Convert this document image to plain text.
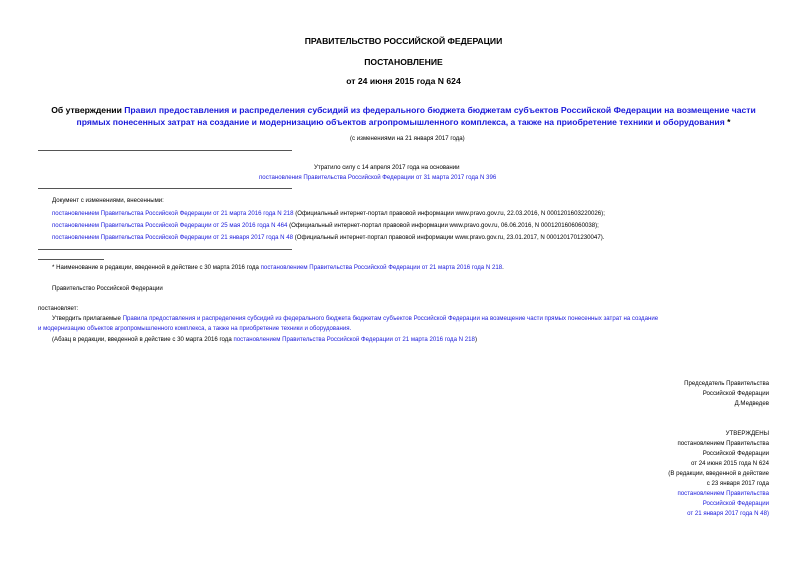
ПРАВИТЕЛЬСТВО РОССИЙСКОЙ ФЕДЕРАЦИИ
ПОСТАНОВЛЕНИЕ
от 24 июня 2015 года N 624
Об утверждении Правил предоставления и распределения субсидий из федерального бюджета бюджетам субъектов Российской Федерации на возмещение части
прямых понесенных затрат на создание и модернизацию объектов агропромышленного комплекса, а также на приобретение техники и оборудования *
(с изменениями на 21 января 2017 года)
Утратило силу с 14 апреля 2017 года на основании
постановления Правительства Российской Федерации от 31 марта 2017 года N 396
Документ с изменениями, внесенными:
постановлением Правительства Российской Федерации от 21 марта 2016 года N 218 (Официальный интернет-портал правовой информации www.pravo.gov.ru, 22.03.2016, N 0001201603220026);
постановлением Правительства Российской Федерации от 25 мая 2016 года N 464 (Официальный интернет-портал правовой информации www.pravo.gov.ru, 06.06.2016, N 0001201606060038);
постановлением Правительства Российской Федерации от 21 января 2017 года N 48 (Официальный интернет-портал правовой информации www.pravo.gov.ru, 23.01.2017, N 0001201701230047).
* Наименование в редакции, введенной в действие с 30 марта 2016 года постановлением Правительства Российской Федерации от 21 марта 2016 года N 218.
Правительство Российской Федерации
постановляет:
Утвердить прилагаемые Правила предоставления и распределения субсидий из федерального бюджета бюджетам субъектов Российской Федерации на возмещение части прямых понесенных затрат на создание
и модернизацию объектов агропромышленного комплекса, а также на приобретение техники и оборудования.
(Абзац в редакции, введенной в действие с 30 марта 2016 года постановлением Правительства Российской Федерации от 21 марта 2016 года N 218)
Председатель Правительства
Российской Федерации
Д.Медведев
УТВЕРЖДЕНЫ
постановлением Правительства
Российской Федерации
от 24 июня 2015 года N 624
(В редакции, введенной в действие
с 23 января 2017 года
постановлением Правительства
Российской Федерации
от 21 января 2017 года N 48)
